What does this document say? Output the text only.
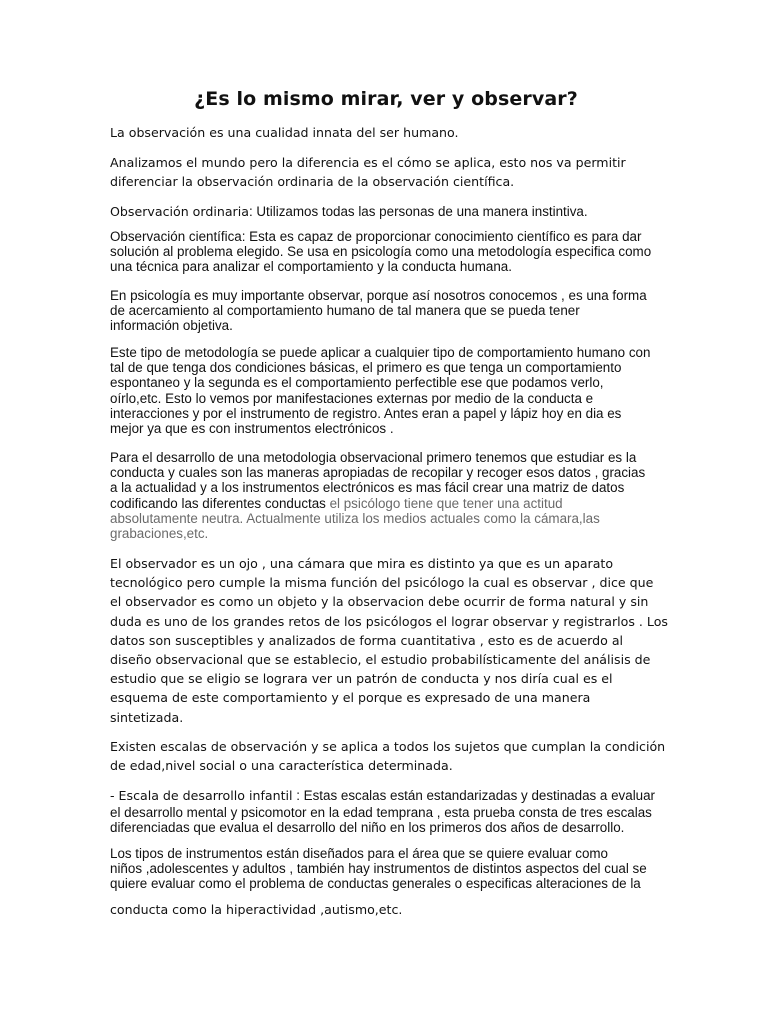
¿Es lo mismo mirar, ver y observar?
La observación es una cualidad innata del ser humano.
Analizamos el mundo pero la diferencia es el cómo se aplica, esto nos va permitir
diferenciar la observación ordinaria de la observación científica.
Observación ordinaria: Utilizamos todas las personas de una manera instintiva.
Observación científica: Esta es capaz de proporcionar conocimiento científico es para dar
solución al problema elegido. Se usa en psicología como una metodología especifica como
una técnica para analizar el comportamiento y la conducta humana.
En psicología es muy importante observar, porque así nosotros conocemos , es una forma
de acercamiento al comportamiento humano de tal manera que se pueda tener
información objetiva.
Este tipo de metodología se puede aplicar a cualquier tipo de comportamiento humano con
tal de que tenga dos condiciones básicas, el primero es que tenga un comportamiento
espontaneo y la segunda es el comportamiento perfectible ese que podamos verlo,
oírlo,etc. Esto lo vemos por manifestaciones externas por medio de la conducta e
interacciones y por el instrumento de registro. Antes eran a papel y lápiz hoy en dia es
mejor ya que es con instrumentos electrónicos .
Para el desarrollo de una metodologia observacional primero tenemos que estudiar es la
conducta y cuales son las maneras apropiadas de recopilar y recoger esos datos , gracias
a la actualidad y a los instrumentos electrónicos es mas fácil crear una matriz de datos
codificando las diferentes conductas el psicólogo tiene que tener una actitud
absolutamente neutra. Actualmente utiliza los medios actuales como la cámara,las
grabaciones,etc.
El observador es un ojo , una cámara que mira es distinto ya que es un aparato
tecnológico pero cumple la misma función del psicólogo la cual es observar , dice que
el observador es como un objeto y la observacion debe ocurrir de forma natural y sin
duda es uno de los grandes retos de los psicólogos el lograr observar y registrarlos . Los
datos son susceptibles y analizados de forma cuantitativa , esto es de acuerdo al
diseño observacional que se establecio, el estudio probabilísticamente del análisis de
estudio que se eligio se lograra ver un patrón de conducta y nos diría cual es el
esquema de este comportamiento y el porque es expresado de una manera
sintetizada.
Existen escalas de observación y se aplica a todos los sujetos que cumplan la condición
de edad,nivel social o una característica determinada.
- Escala de desarrollo infantil : Estas escalas están estandarizadas y destinadas a evaluar
el desarrollo mental y psicomotor en la edad temprana , esta prueba consta de tres escalas
diferenciadas que evalua el desarrollo del niño en los primeros dos años de desarrollo.
Los tipos de instrumentos están diseñados para el área que se quiere evaluar como
niños ,adolescentes y adultos , también hay instrumentos de distintos aspectos del cual se
quiere evaluar como el problema de conductas generales o especificas alteraciones de la
conducta como la hiperactividad ,autismo,etc.
